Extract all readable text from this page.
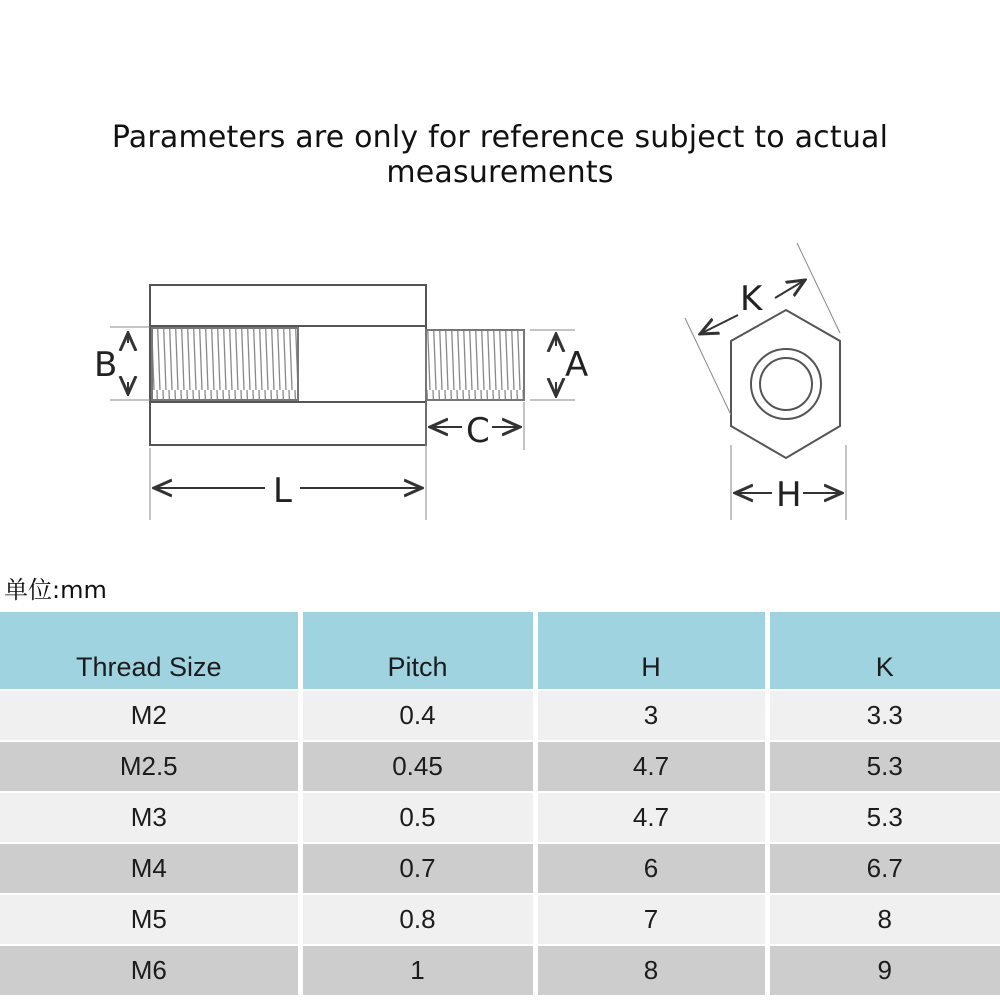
Parameters are only for reference subject to actual measurements
B	A
C
L
K
H
单位:mm
Thread Size	Pitch	H	K
M2	0.4	3	3.3
M2.5	0.45	4.7	5.3
M3	0.5	4.7	5.3
M4	0.7	6	6.7
M5	0.8	7	8
M6	1	8	9
